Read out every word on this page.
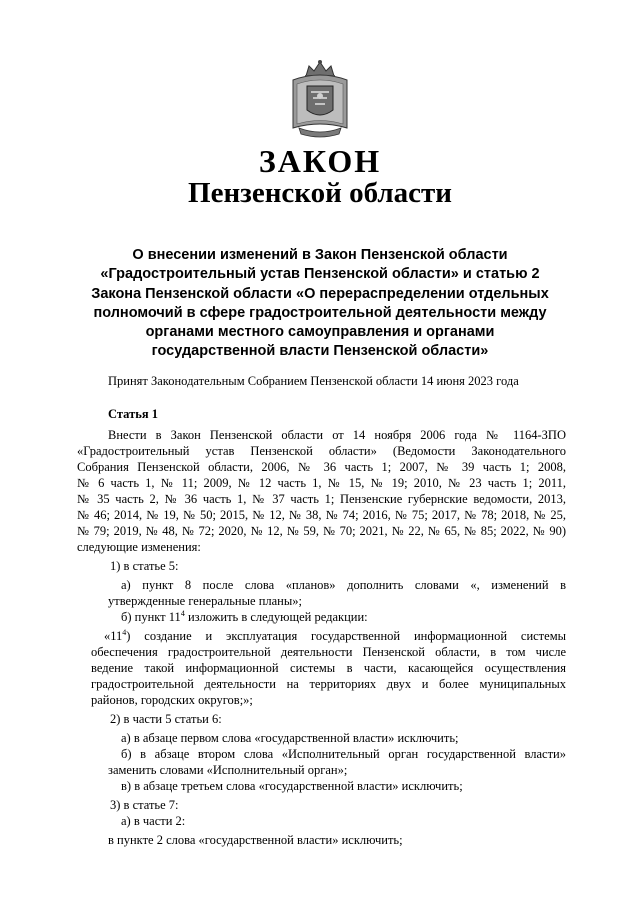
ЗАКОН
Пензенской области
О внесении изменений в Закон Пензенской области
«Градостроительный устав Пензенской области» и статью 2
Закона Пензенской области «О перераспределении отдельных
полномочий в сфере градостроительной деятельности между
органами местного самоуправления и органами
государственной власти Пензенской области»
Принят Законодательным Собранием Пензенской области 14 июня 2023 года
Статья 1
Внести в Закон Пензенской области от 14 ноября 2006 года № 1164-ЗПО
«Градостроительный устав Пензенской области» (Ведомости Законодательного
Собрания Пензенской области, 2006, № 36 часть 1; 2007, № 39 часть 1; 2008,
№ 6 часть 1, № 11; 2009, № 12 часть 1, № 15, № 19; 2010, № 23 часть 1; 2011,
№ 35 часть 2, № 36 часть 1, № 37 часть 1; Пензенские губернские ведомости, 2013,
№ 46; 2014, № 19, № 50; 2015, № 12, № 38, № 74; 2016, № 75; 2017, № 78; 2018, № 25,
№ 79; 2019, № 48, № 72; 2020, № 12, № 59, № 70; 2021, № 22, № 65, № 85; 2022, № 90)
следующие изменения:
1) в статье 5:
а) пункт 8 после слова «планов» дополнить словами «, изменений в
утвержденные генеральные планы»;
б) пункт $11^4$ изложить в следующей редакции:
«$11^4$) создание и эксплуатация государственной информационной системы
обеспечения градостроительной деятельности Пензенской области, в том числе
ведение такой информационной системы в части, касающейся осуществления
градостроительной деятельности на территориях двух и более муниципальных
районов, городских округов;»;
2) в части 5 статьи 6:
а) в абзаце первом слова «государственной власти» исключить;
б) в абзаце втором слова «Исполнительный орган государственной власти»
заменить словами «Исполнительный орган»;
в) в абзаце третьем слова «государственной власти» исключить;
3) в статье 7:
а) в части 2:
в пункте 2 слова «государственной власти» исключить;
